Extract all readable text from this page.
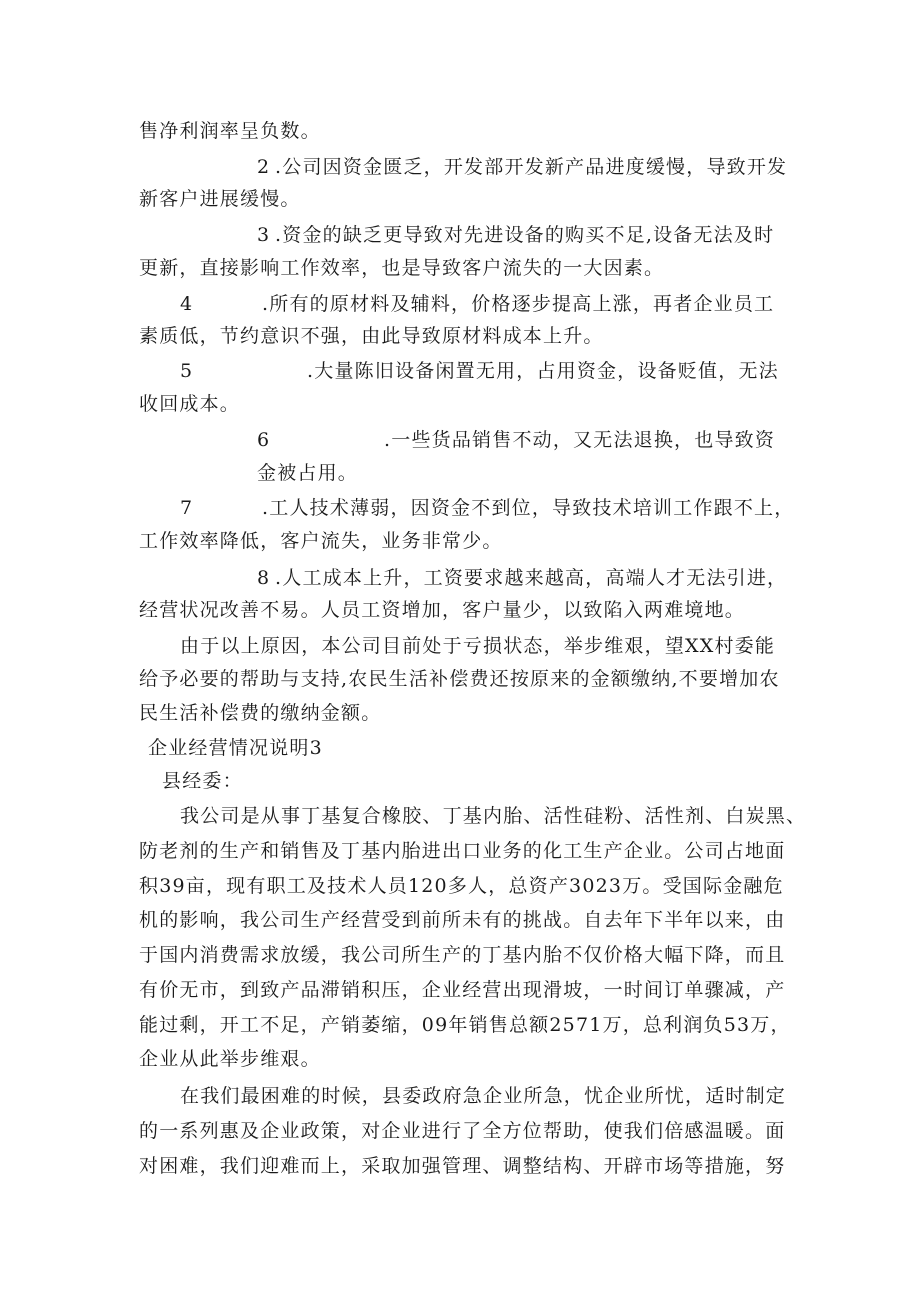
售净利润率呈负数。
2 .公司因资金匮乏，开发部开发新产品进度缓慢，导致开发
新客户进展缓慢。
3 .资金的缺乏更导致对先进设备的购买不足,设备无法及时
更新，直接影响工作效率，也是导致客户流失的一大因素。
4	.所有的原材料及辅料，价格逐步提高上涨，再者企业员工
素质低，节约意识不强，由此导致原材料成本上升。
5	.大量陈旧设备闲置无用，占用资金，设备贬值，无法
收回成本。
6	.一些货品销售不动，又无法退换，也导致资
金被占用。
7	.工人技术薄弱，因资金不到位，导致技术培训工作跟不上，
工作效率降低，客户流失，业务非常少。
8 .人工成本上升，工资要求越来越高，高端人才无法引进，
经营状况改善不易。人员工资增加，客户量少，以致陷入两难境地。
由于以上原因，本公司目前处于亏损状态，举步维艰，望XX村委能
给予必要的帮助与支持,农民生活补偿费还按原来的金额缴纳,不要增加农
民生活补偿费的缴纳金额。
企业经营情况说明3
县经委：
我公司是从事丁基复合橡胶、丁基内胎、活性硅粉、活性剂、白炭黑、
防老剂的生产和销售及丁基内胎进出口业务的化工生产企业。公司占地面
积39亩，现有职工及技术人员120多人，总资产3023万。受国际金融危
机的影响，我公司生产经营受到前所未有的挑战。自去年下半年以来，由
于国内消费需求放缓，我公司所生产的丁基内胎不仅价格大幅下降，而且
有价无市，到致产品滞销积压，企业经营出现滑坡，一时间订单骤减，产
能过剩，开工不足，产销萎缩，09年销售总额2571万，总利润负53万，
企业从此举步维艰。
在我们最困难的时候，县委政府急企业所急，忧企业所忧，适时制定
的一系列惠及企业政策，对企业进行了全方位帮助，使我们倍感温暖。面
对困难，我们迎难而上，采取加强管理、调整结构、开辟市场等措施，努
